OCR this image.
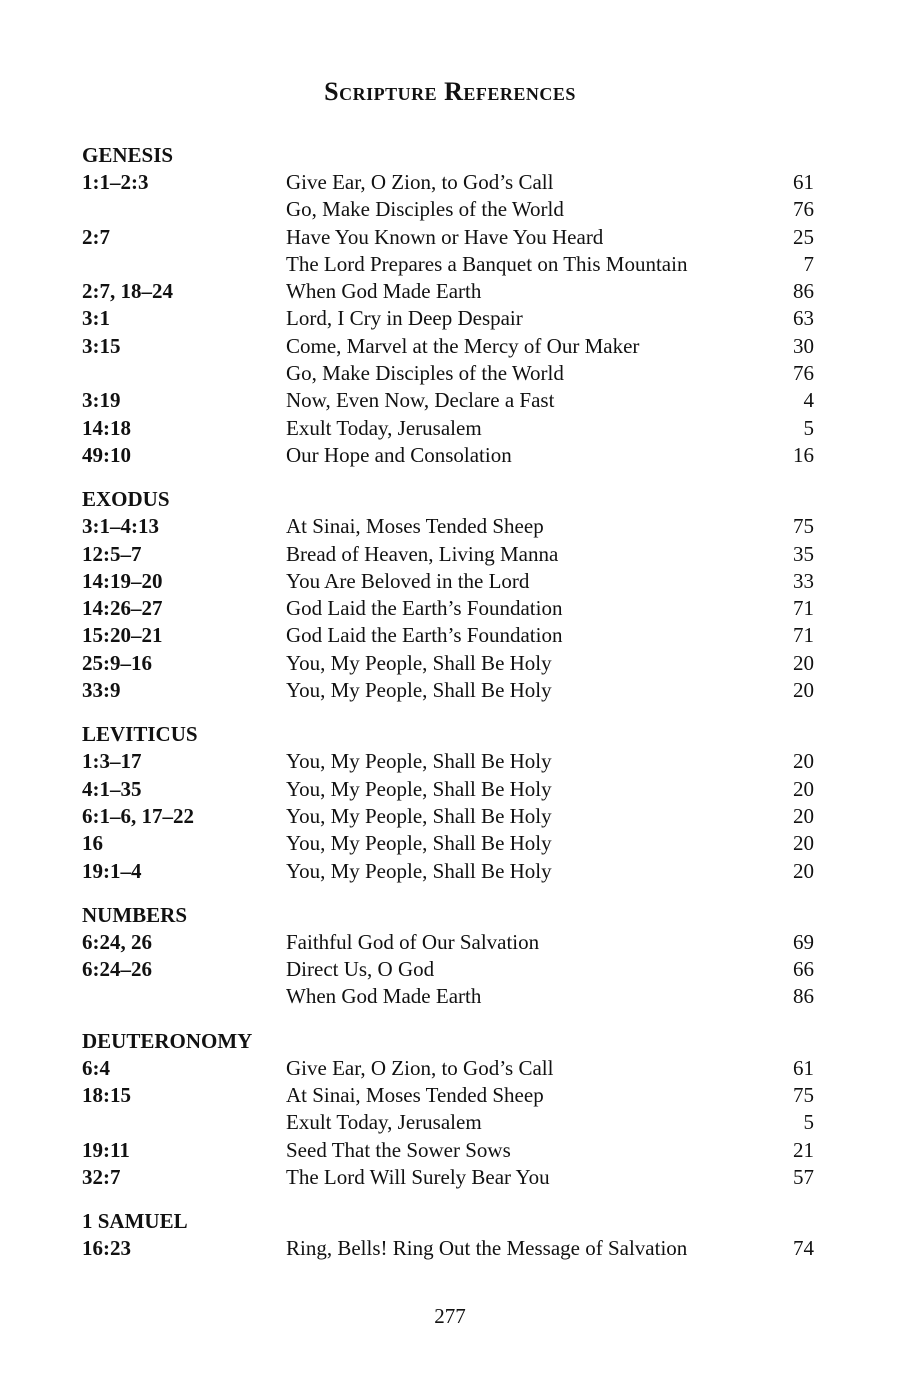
Scripture References
GENESIS
1:1–2:3	Give Ear, O Zion, to God’s Call	61
Go, Make Disciples of the World	76
2:7	Have You Known or Have You Heard	25
The Lord Prepares a Banquet on This Mountain	7
2:7, 18–24	When God Made Earth	86
3:1	Lord, I Cry in Deep Despair	63
3:15	Come, Marvel at the Mercy of Our Maker	30
Go, Make Disciples of the World	76
3:19	Now, Even Now, Declare a Fast	4
14:18	Exult Today, Jerusalem	5
49:10	Our Hope and Consolation	16
EXODUS
3:1–4:13	At Sinai, Moses Tended Sheep	75
12:5–7	Bread of Heaven, Living Manna	35
14:19–20	You Are Beloved in the Lord	33
14:26–27	God Laid the Earth’s Foundation	71
15:20–21	God Laid the Earth’s Foundation	71
25:9–16	You, My People, Shall Be Holy	20
33:9	You, My People, Shall Be Holy	20
LEVITICUS
1:3–17	You, My People, Shall Be Holy	20
4:1–35	You, My People, Shall Be Holy	20
6:1–6, 17–22	You, My People, Shall Be Holy	20
16	You, My People, Shall Be Holy	20
19:1–4	You, My People, Shall Be Holy	20
NUMBERS
6:24, 26	Faithful God of Our Salvation	69
6:24–26	Direct Us, O God	66
When God Made Earth	86
DEUTERONOMY
6:4	Give Ear, O Zion, to God’s Call	61
18:15	At Sinai, Moses Tended Sheep	75
Exult Today, Jerusalem	5
19:11	Seed That the Sower Sows	21
32:7	The Lord Will Surely Bear You	57
1 SAMUEL
16:23	Ring, Bells! Ring Out the Message of Salvation	74
277
